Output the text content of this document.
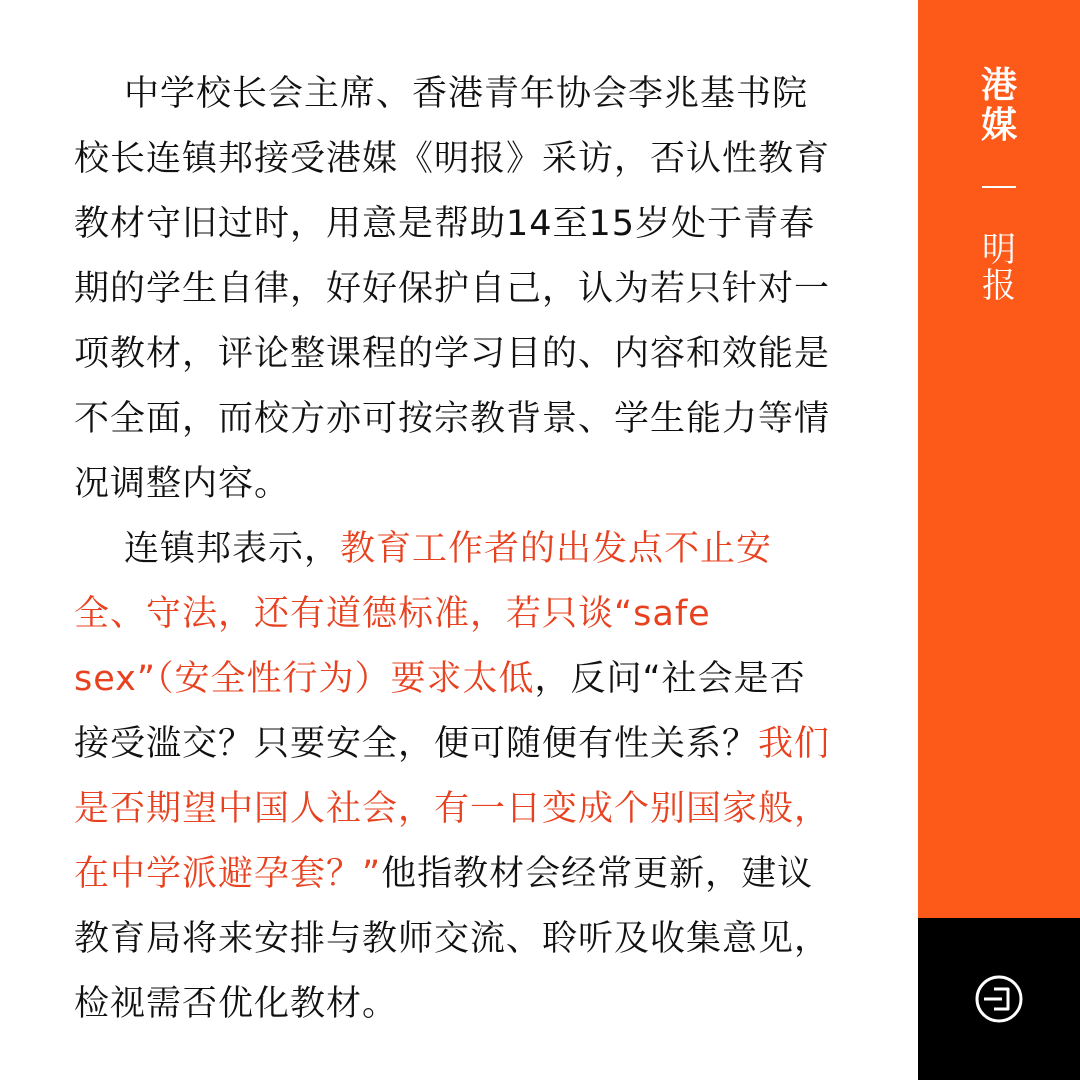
中学校长会主席、香港青年协会李兆基书院校长连镇邦接受港媒《明报》采访，否认性教育教材守旧过时，用意是帮助14至15岁处于青春期的学生自律，好好保护自己，认为若只针对一项教材，评论整课程的学习目的、内容和效能是不全面，而校方亦可按宗教背景、学生能力等情况调整内容。

连镇邦表示，教育工作者的出发点不止安全、守法，还有道德标准，若只谈“safe sex”（安全性行为）要求太低，反问“社会是否接受滥交？只要安全，便可随便有性关系？我们是否期望中国人社会，有一日变成个别国家般，在中学派避孕套？”他指教材会经常更新，建议教育局将来安排与教师交流、聆听及收集意见，检视需否优化教材。

港
媒
明
报
